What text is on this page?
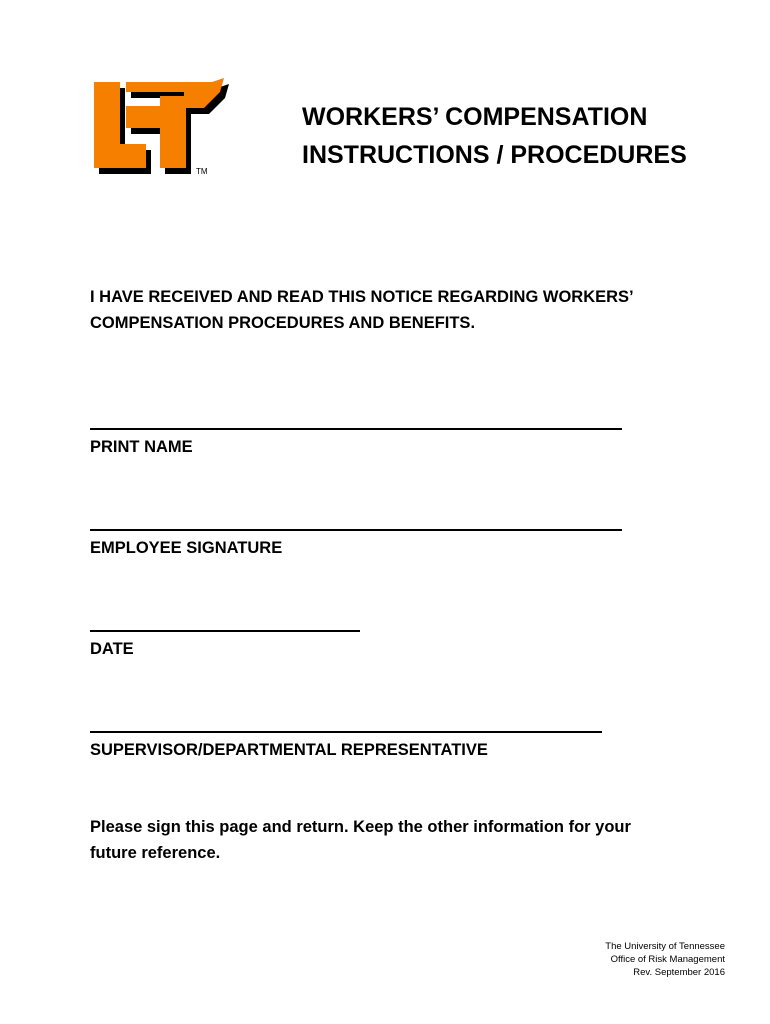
TM
WORKERS’ COMPENSATION
INSTRUCTIONS / PROCEDURES
I HAVE RECEIVED AND READ THIS NOTICE REGARDING WORKERS’
COMPENSATION PROCEDURES AND BENEFITS.
PRINT NAME
EMPLOYEE SIGNATURE
DATE
SUPERVISOR/DEPARTMENTAL REPRESENTATIVE
Please sign this page and return. Keep the other information for your
future reference.
The University of Tennessee
Office of Risk Management
Rev. September 2016
